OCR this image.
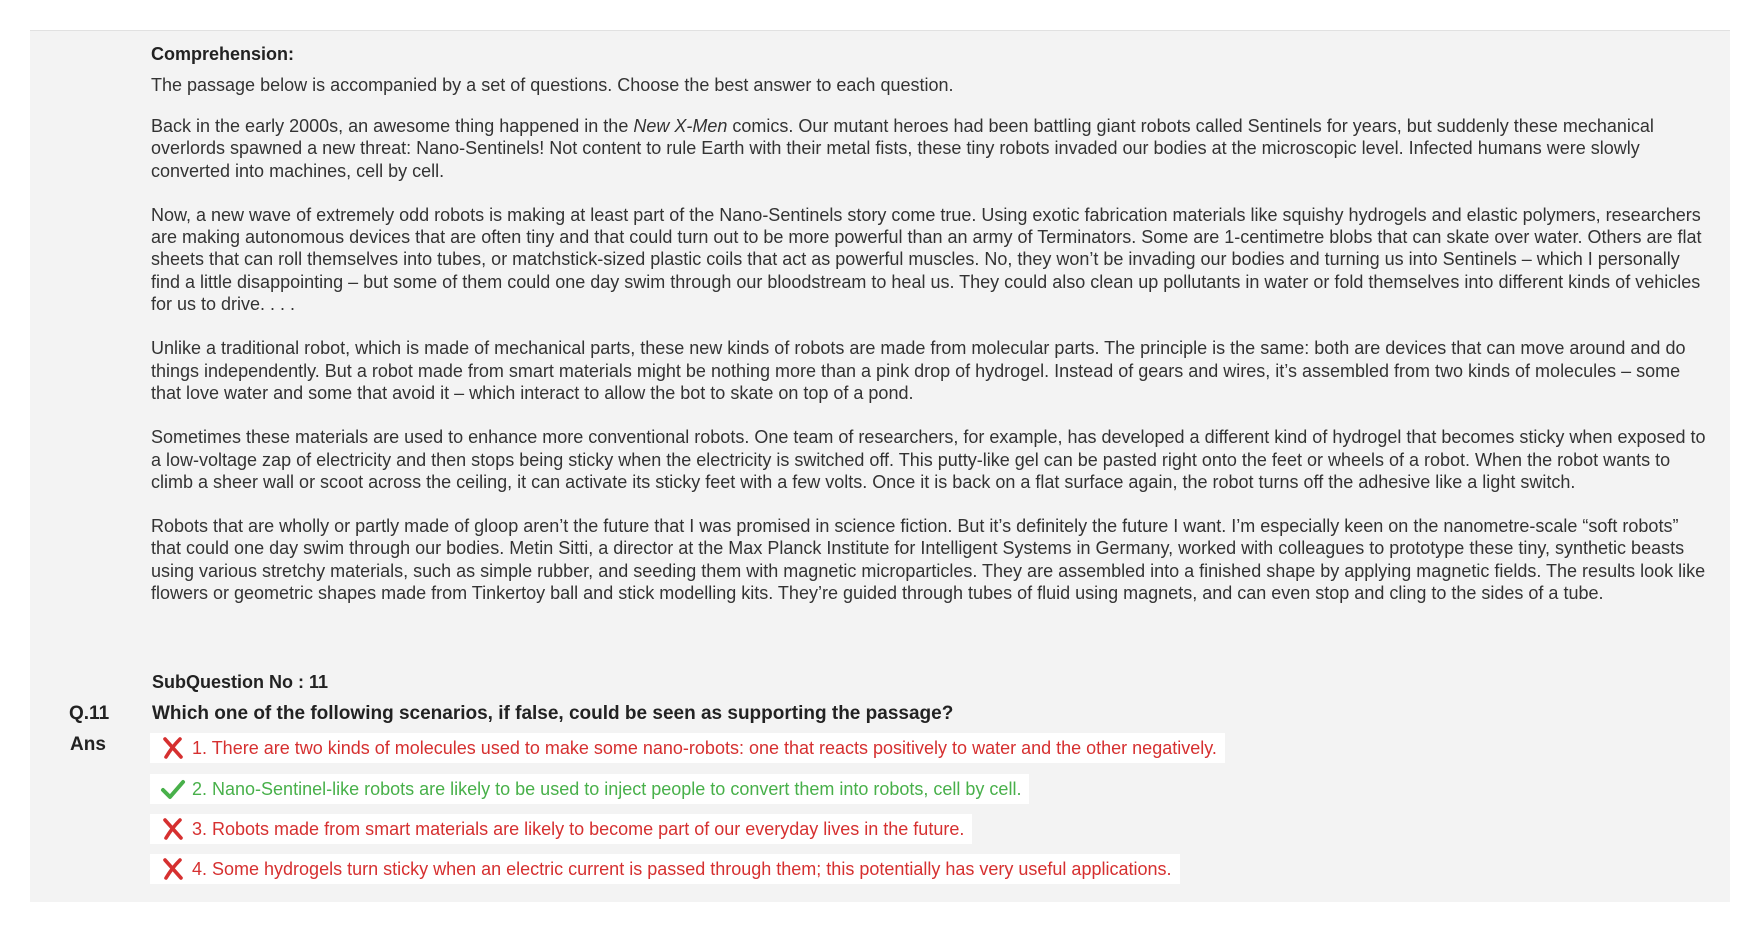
Comprehension:
The passage below is accompanied by a set of questions. Choose the best answer to each question.

Back in the early 2000s, an awesome thing happened in the New X-Men comics. Our mutant heroes had been battling giant robots called Sentinels for years, but suddenly these mechanical overlords spawned a new threat: Nano-Sentinels! Not content to rule Earth with their metal fists, these tiny robots invaded our bodies at the microscopic level. Infected humans were slowly converted into machines, cell by cell.

Now, a new wave of extremely odd robots is making at least part of the Nano-Sentinels story come true. Using exotic fabrication materials like squishy hydrogels and elastic polymers, researchers are making autonomous devices that are often tiny and that could turn out to be more powerful than an army of Terminators. Some are 1-centimetre blobs that can skate over water. Others are flat sheets that can roll themselves into tubes, or matchstick-sized plastic coils that act as powerful muscles. No, they won’t be invading our bodies and turning us into Sentinels – which I personally find a little disappointing – but some of them could one day swim through our bloodstream to heal us. They could also clean up pollutants in water or fold themselves into different kinds of vehicles for us to drive. . . .

Unlike a traditional robot, which is made of mechanical parts, these new kinds of robots are made from molecular parts. The principle is the same: both are devices that can move around and do things independently. But a robot made from smart materials might be nothing more than a pink drop of hydrogel. Instead of gears and wires, it’s assembled from two kinds of molecules – some that love water and some that avoid it – which interact to allow the bot to skate on top of a pond.

Sometimes these materials are used to enhance more conventional robots. One team of researchers, for example, has developed a different kind of hydrogel that becomes sticky when exposed to a low-voltage zap of electricity and then stops being sticky when the electricity is switched off. This putty-like gel can be pasted right onto the feet or wheels of a robot. When the robot wants to climb a sheer wall or scoot across the ceiling, it can activate its sticky feet with a few volts. Once it is back on a flat surface again, the robot turns off the adhesive like a light switch.

Robots that are wholly or partly made of gloop aren’t the future that I was promised in science fiction. But it’s definitely the future I want. I’m especially keen on the nanometre-scale “soft robots” that could one day swim through our bodies. Metin Sitti, a director at the Max Planck Institute for Intelligent Systems in Germany, worked with colleagues to prototype these tiny, synthetic beasts using various stretchy materials, such as simple rubber, and seeding them with magnetic microparticles. They are assembled into a finished shape by applying magnetic fields. The results look like flowers or geometric shapes made from Tinkertoy ball and stick modelling kits. They’re guided through tubes of fluid using magnets, and can even stop and cling to the sides of a tube.

SubQuestion No : 11
Q.11 Which one of the following scenarios, if false, could be seen as supporting the passage?
Ans	1. There are two kinds of molecules used to make some nano-robots: one that reacts positively to water and the other negatively.
2. Nano-Sentinel-like robots are likely to be used to inject people to convert them into robots, cell by cell.
3. Robots made from smart materials are likely to become part of our everyday lives in the future.
4. Some hydrogels turn sticky when an electric current is passed through them; this potentially has very useful applications.
